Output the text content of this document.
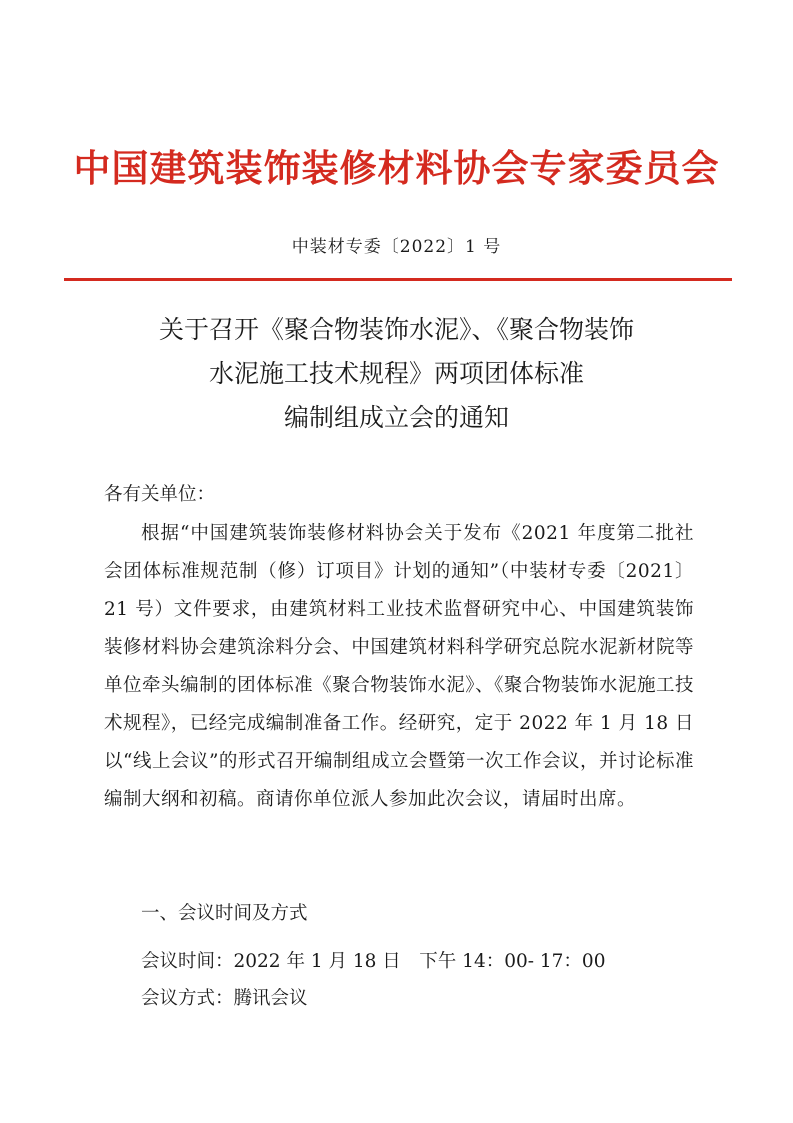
中国建筑装饰装修材料协会专家委员会
中装材专委〔2022〕1 号
关于召开《聚合物装饰水泥》、《聚合物装饰
水泥施工技术规程》两项团体标准
编制组成立会的通知
各有关单位：
根据“中国建筑装饰装修材料协会关于发布《2021 年度第二批社会团体标准规范制（修）订项目》计划的通知”（中装材专委〔2021〕21 号）文件要求，由建筑材料工业技术监督研究中心、中国建筑装饰装修材料协会建筑涂料分会、中国建筑材料科学研究总院水泥新材院等单位牵头编制的团体标准《聚合物装饰水泥》、《聚合物装饰水泥施工技术规程》，已经完成编制准备工作。经研究，定于 2022 年 1 月 18 日以“线上会议”的形式召开编制组成立会暨第一次工作会议，并讨论标准编制大纲和初稿。商请你单位派人参加此次会议，请届时出席。
一、会议时间及方式
会议时间：2022 年 1 月 18 日　下午 14：00- 17：00
会议方式：腾讯会议
